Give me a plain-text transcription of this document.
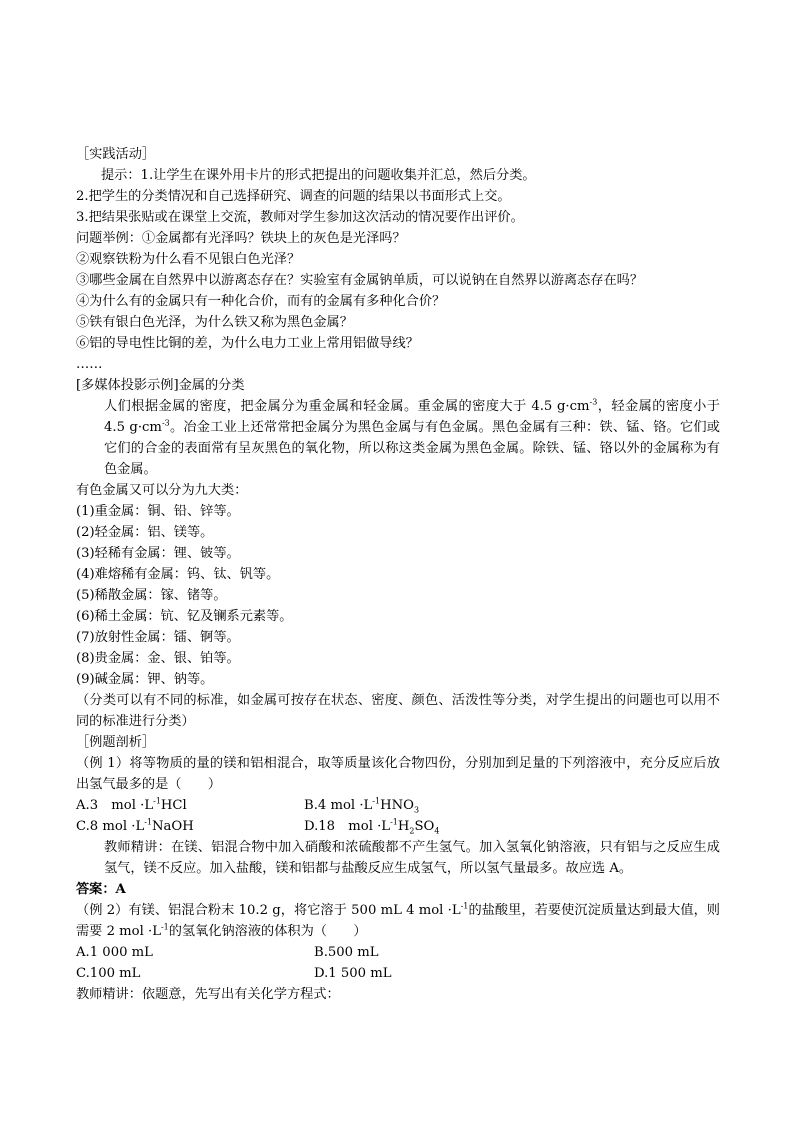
［实践活动］
提示：1.让学生在课外用卡片的形式把提出的问题收集并汇总，然后分类。
2.把学生的分类情况和自己选择研究、调查的问题的结果以书面形式上交。
3.把结果张贴或在课堂上交流，教师对学生参加这次活动的情况要作出评价。
问题举例：①金属都有光泽吗？铁块上的灰色是光泽吗？
②观察铁粉为什么看不见银白色光泽？
③哪些金属在自然界中以游离态存在？实验室有金属钠单质，可以说钠在自然界以游离态存在吗？
④为什么有的金属只有一种化合价，而有的金属有多种化合价？
⑤铁有银白色光泽，为什么铁又称为黑色金属？
⑥铝的导电性比铜的差，为什么电力工业上常用铝做导线？
……
[多媒体投影示例]金属的分类
人们根据金属的密度，把金属分为重金属和轻金属。重金属的密度大于 4.5 $g\cdot cm^{-3}$，轻金属的密度小于 4.5 $g\cdot cm^{-3}$。冶金工业上还常常把金属分为黑色金属与有色金属。黑色金属有三种：铁、锰、铬。它们或它们的合金的表面常有呈灰黑色的氧化物，所以称这类金属为黑色金属。除铁、锰、铬以外的金属称为有色金属。
有色金属又可以分为九大类：
(1)重金属：铜、铅、锌等。
(2)轻金属：铝、镁等。
(3)轻稀有金属：锂、铍等。
(4)难熔稀有金属：钨、钛、钒等。
(5)稀散金属：镓、锗等。
(6)稀土金属：钪、钇及镧系元素等。
(7)放射性金属：镭、锕等。
(8)贵金属：金、银、铂等。
(9)碱金属：钾、钠等。
（分类可以有不同的标准，如金属可按存在状态、密度、颜色、活泼性等分类，对学生提出的问题也可以用不同的标准进行分类）
［例题剖析］
（例 1）将等物质的量的镁和铝相混合，取等质量该化合物四份，分别加到足量的下列溶液中，充分反应后放出氢气最多的是（　　）
A.3　mol $\cdot L^{-1}HCl$	B.4 mol $\cdot L^{-1}HNO_3$
C.8 mol $\cdot L^{-1}NaOH$	D.18　mol $\cdot L^{-1}H_2SO_4$
教师精讲：在镁、铝混合物中加入硝酸和浓硫酸都不产生氢气。加入氢氧化钠溶液，只有铝与之反应生成氢气，镁不反应。加入盐酸，镁和铝都与盐酸反应生成氢气，所以氢气量最多。故应选 A。
答案：A
（例 2）有镁、铝混合粉末 10.2 g，将它溶于 500 mL 4 mol $\cdot L^{-1}$的盐酸里，若要使沉淀质量达到最大值，则需要 2 mol $\cdot L^{-1}$的氢氧化钠溶液的体积为（　　）
A.1 000 mL	B.500 mL
C.100 mL	D.1 500 mL
教师精讲：依题意，先写出有关化学方程式：
